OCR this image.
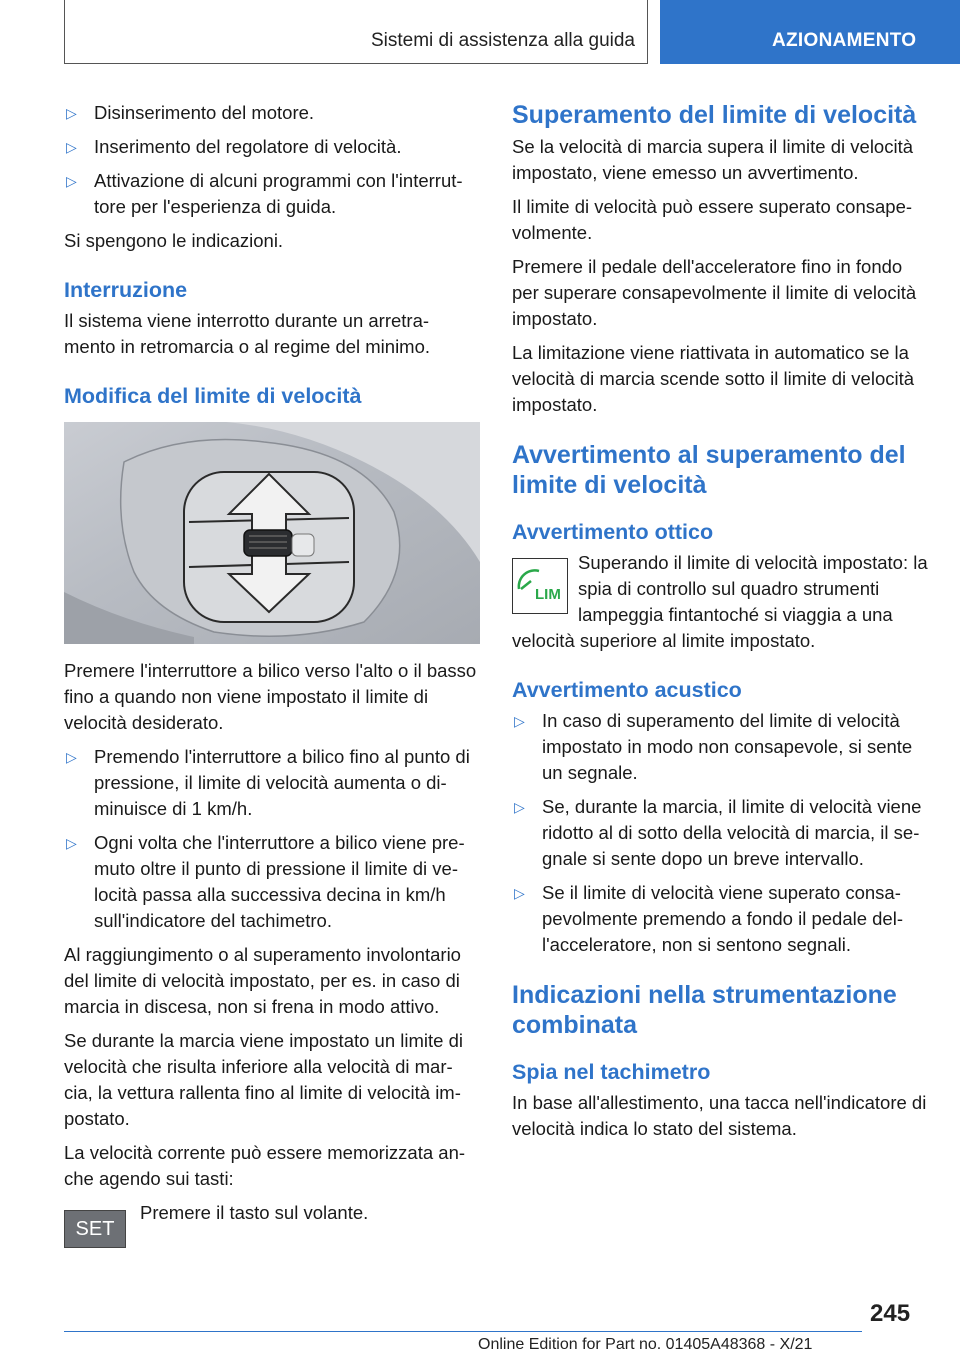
Sistemi di assistenza alla guida	AZIONAMENTO
▷ Disinserimento del motore.
▷ Inserimento del regolatore di velocità.
▷ Attivazione di alcuni programmi con l'interrut-tore per l'esperienza di guida.

Si spengono le indicazioni.

Interruzione

Il sistema viene interrotto durante un arretra-mento in retromarcia o al regime del minimo.

Modifica del limite di velocità

Premere l'interruttore a bilico verso l'alto o il basso fino a quando non viene impostato il limite di velocità desiderato.

▷ Premendo l'interruttore a bilico fino al punto di pressione, il limite di velocità aumenta o di-minuisce di 1 km/h.
▷ Ogni volta che l'interruttore a bilico viene pre-muto oltre il punto di pressione il limite di ve-locità passa alla successiva decina in km/h sull'indicatore del tachimetro.

Al raggiungimento o al superamento involontario del limite di velocità impostato, per es. in caso di marcia in discesa, non si frena in modo attivo.

Se durante la marcia viene impostato un limite di velocità che risulta inferiore alla velocità di mar-cia, la vettura rallenta fino al limite di velocità im-postato.

La velocità corrente può essere memorizzata an-che agendo sui tasti:

SET

Premere il tasto sul volante.

Superamento del limite di velocità

Se la velocità di marcia supera il limite di velocità impostato, viene emesso un avvertimento.

Il limite di velocità può essere superato consape-volmente.

Premere il pedale dell'acceleratore fino in fondo per superare consapevolmente il limite di velocità impostato.

La limitazione viene riattivata in automatico se la velocità di marcia scende sotto il limite di velocità impostato.

Avvertimento al superamento del limite di velocità
Avvertimento ottico
LIM

Superando il limite di velocità impostato: la spia di controllo sul quadro strumenti lampeggia fintantoché si viaggia a una velocità superiore al limite impostato.

Avvertimento acustico
▷ In caso di superamento del limite di velocità impostato in modo non consapevole, si sente un segnale.
▷ Se, durante la marcia, il limite di velocità viene ridotto al di sotto della velocità di marcia, il se-gnale si sente dopo un breve intervallo.
▷ Se il limite di velocità viene superato consa-pevolmente premendo a fondo il pedale del-l'acceleratore, non si sentono segnali.
Indicazioni nella strumentazione combinata
Spia nel tachimetro

In base all'allestimento, una tacca nell'indicatore di velocità indica lo stato del sistema.

245
Online Edition for Part no. 01405A48368 - X/21
